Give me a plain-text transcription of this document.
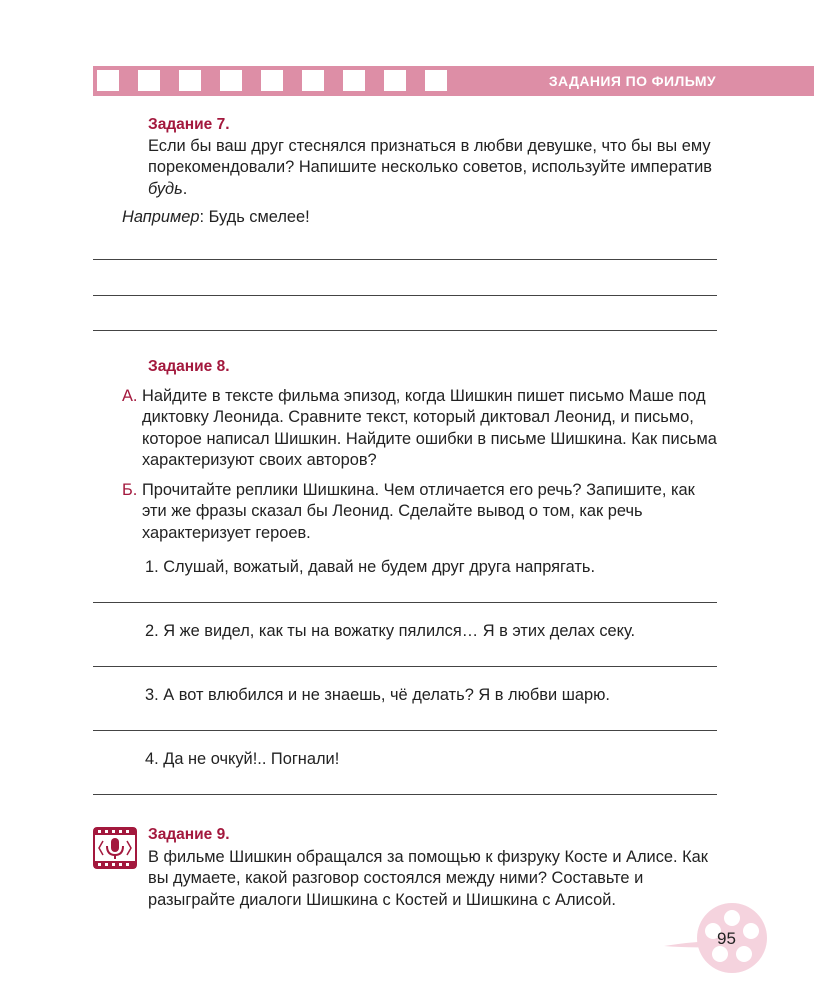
ЗАДАНИЯ ПО ФИЛЬМУ
Задание 7.
Если бы ваш друг стеснялся признаться в любви девушке, что бы вы ему порекомендовали? Напишите несколько советов, используйте императив будь.
Например: Будь смелее!
Задание 8.
А. Найдите в тексте фильма эпизод, когда Шишкин пишет письмо Маше под диктовку Леонида. Сравните текст, который диктовал Леонид, и письмо, которое написал Шишкин. Найдите ошибки в письме Шишкина. Как письма характеризуют своих авторов?
Б. Прочитайте реплики Шишкина. Чем отличается его речь? Запишите, как эти же фразы сказал бы Леонид. Сделайте вывод о том, как речь характеризует героев.
1. Слушай, вожатый, давай не будем друг друга напрягать.
2. Я же видел, как ты на вожатку пялился… Я в этих делах секу.
3. А вот влюбился и не знаешь, чё делать? Я в любви шарю.
4. Да не очкуй!.. Погнали!
Задание 9.
В фильме Шишкин обращался за помощью к физруку Косте и Алисе. Как вы думаете, какой разговор состоялся между ними? Составьте и разыграйте диалоги Шишкина с Костей и Шишкина с Алисой.
95
